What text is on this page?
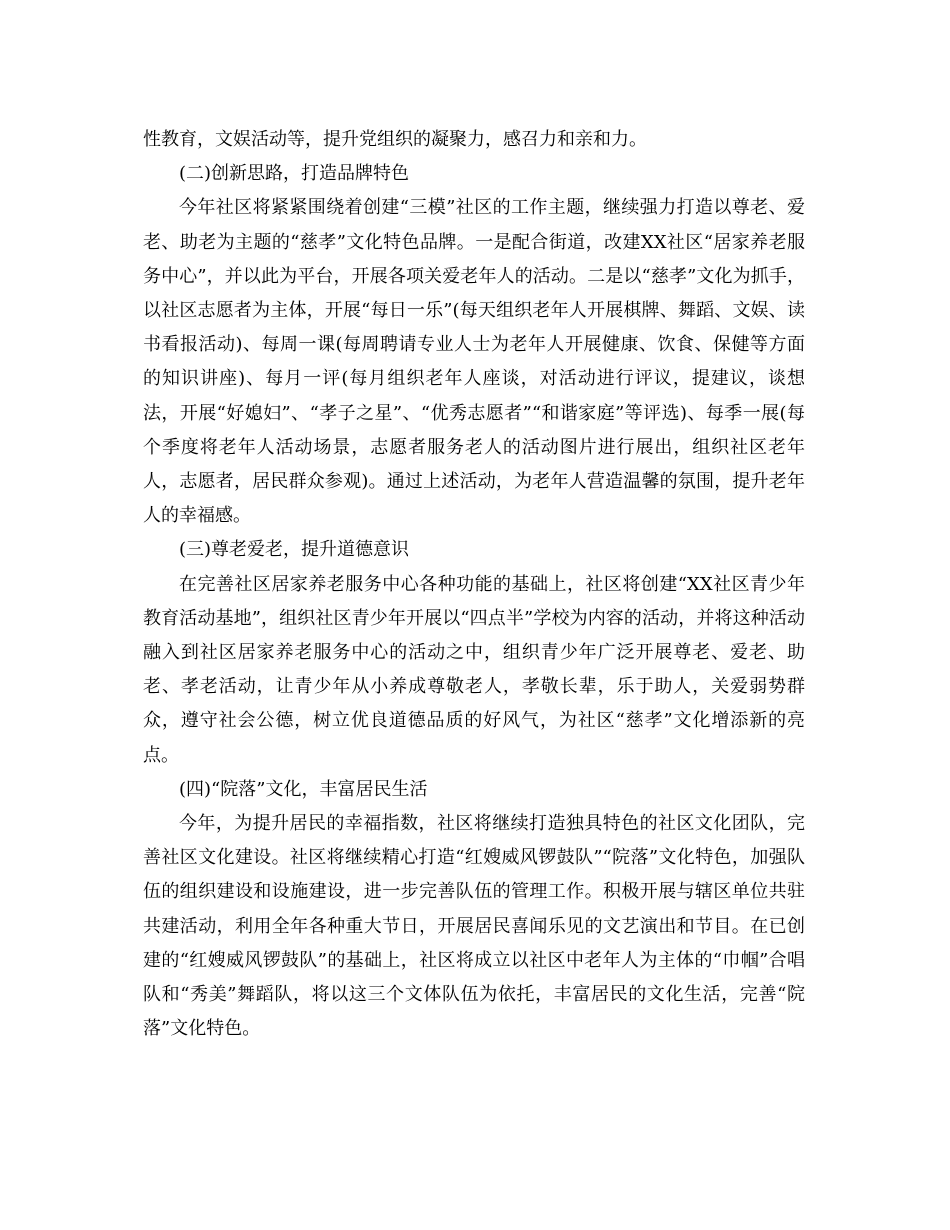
性教育，文娱活动等，提升党组织的凝聚力，感召力和亲和力。

(二)创新思路，打造品牌特色

今年社区将紧紧围绕着创建“三模”社区的工作主题，继续强力打造以尊老、爱老、助老为主题的“慈孝”文化特色品牌。一是配合街道，改建XX社区“居家养老服务中心”，并以此为平台，开展各项关爱老年人的活动。二是以“慈孝”文化为抓手，以社区志愿者为主体，开展“每日一乐”(每天组织老年人开展棋牌、舞蹈、文娱、读书看报活动)、每周一课(每周聘请专业人士为老年人开展健康、饮食、保健等方面的知识讲座)、每月一评(每月组织老年人座谈，对活动进行评议，提建议，谈想法，开展“好媳妇”、“孝子之星”、“优秀志愿者”“和谐家庭”等评选)、每季一展(每个季度将老年人活动场景，志愿者服务老人的活动图片进行展出，组织社区老年人，志愿者，居民群众参观)。通过上述活动，为老年人营造温馨的氛围，提升老年人的幸福感。

(三)尊老爱老，提升道德意识

在完善社区居家养老服务中心各种功能的基础上，社区将创建“XX社区青少年教育活动基地”，组织社区青少年开展以“四点半”学校为内容的活动，并将这种活动融入到社区居家养老服务中心的活动之中，组织青少年广泛开展尊老、爱老、助老、孝老活动，让青少年从小养成尊敬老人，孝敬长辈，乐于助人，关爱弱势群众，遵守社会公德，树立优良道德品质的好风气，为社区“慈孝”文化增添新的亮点。

(四)“院落”文化，丰富居民生活

今年，为提升居民的幸福指数，社区将继续打造独具特色的社区文化团队，完善社区文化建设。社区将继续精心打造“红嫂威风锣鼓队”“院落”文化特色，加强队伍的组织建设和设施建设，进一步完善队伍的管理工作。积极开展与辖区单位共驻共建活动，利用全年各种重大节日，开展居民喜闻乐见的文艺演出和节目。在已创建的“红嫂威风锣鼓队”的基础上，社区将成立以社区中老年人为主体的“巾帼”合唱队和“秀美”舞蹈队，将以这三个文体队伍为依托，丰富居民的文化生活，完善“院落”文化特色。
